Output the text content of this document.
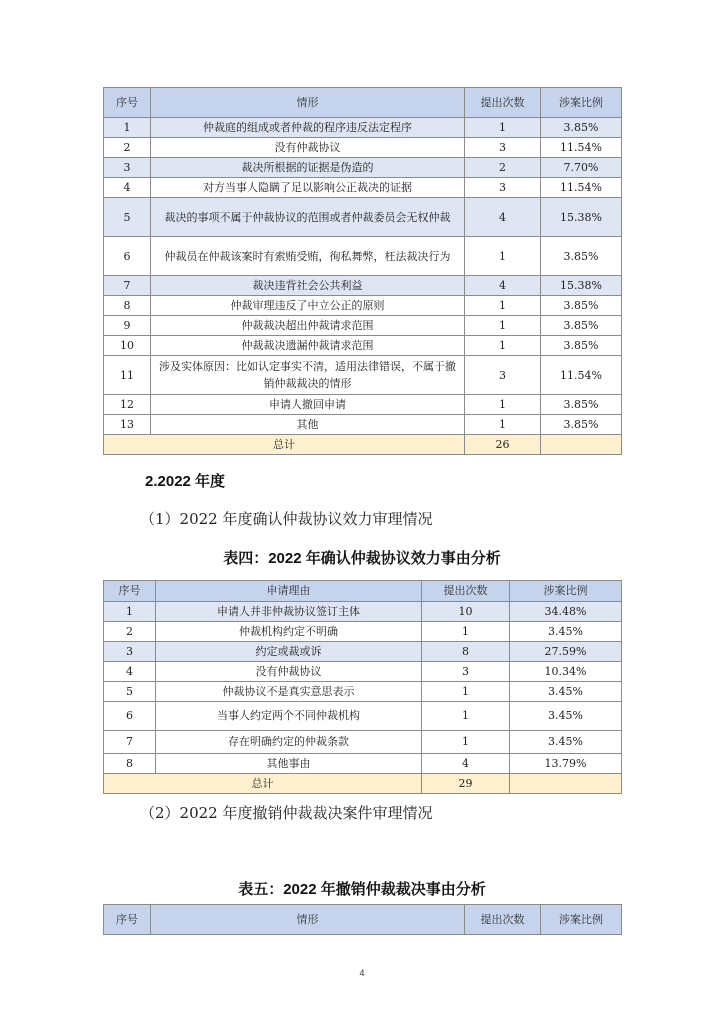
序号	情形	提出次数	涉案比例
1	仲裁庭的组成或者仲裁的程序违反法定程序	1	3.85%
2	没有仲裁协议	3	11.54%
3	裁决所根据的证据是伪造的	2	7.70%
4	对方当事人隐瞒了足以影响公正裁决的证据	3	11.54%
5	裁决的事项不属于仲裁协议的范围或者仲裁委员会无权仲裁	4	15.38%
6	仲裁员在仲裁该案时有索贿受贿，徇私舞弊，枉法裁决行为	1	3.85%
7	裁决违背社会公共利益	4	15.38%
8	仲裁审理违反了中立公正的原则	1	3.85%
9	仲裁裁决超出仲裁请求范围	1	3.85%
10	仲裁裁决遗漏仲裁请求范围	1	3.85%
11	涉及实体原因：比如认定事实不清，适用法律错误，不属于撤销仲裁裁决的情形	3	11.54%
12	申请人撤回申请	1	3.85%
13	其他	1	3.85%
总计		26	
2.2022 年度
（1）2022 年度确认仲裁协议效力审理情况
表四：2022 年确认仲裁协议效力事由分析
序号	申请理由	提出次数	涉案比例
1	申请人并非仲裁协议签订主体	10	34.48%
2	仲裁机构约定不明确	1	3.45%
3	约定或裁或诉	8	27.59%
4	没有仲裁协议	3	10.34%
5	仲裁协议不是真实意思表示	1	3.45%
6	当事人约定两个不同仲裁机构	1	3.45%
7	存在明确约定的仲裁条款	1	3.45%
8	其他事由	4	13.79%
总计		29	
（2）2022 年度撤销仲裁裁决案件审理情况
表五：2022 年撤销仲裁裁决事由分析
序号	情形	提出次数	涉案比例
4
